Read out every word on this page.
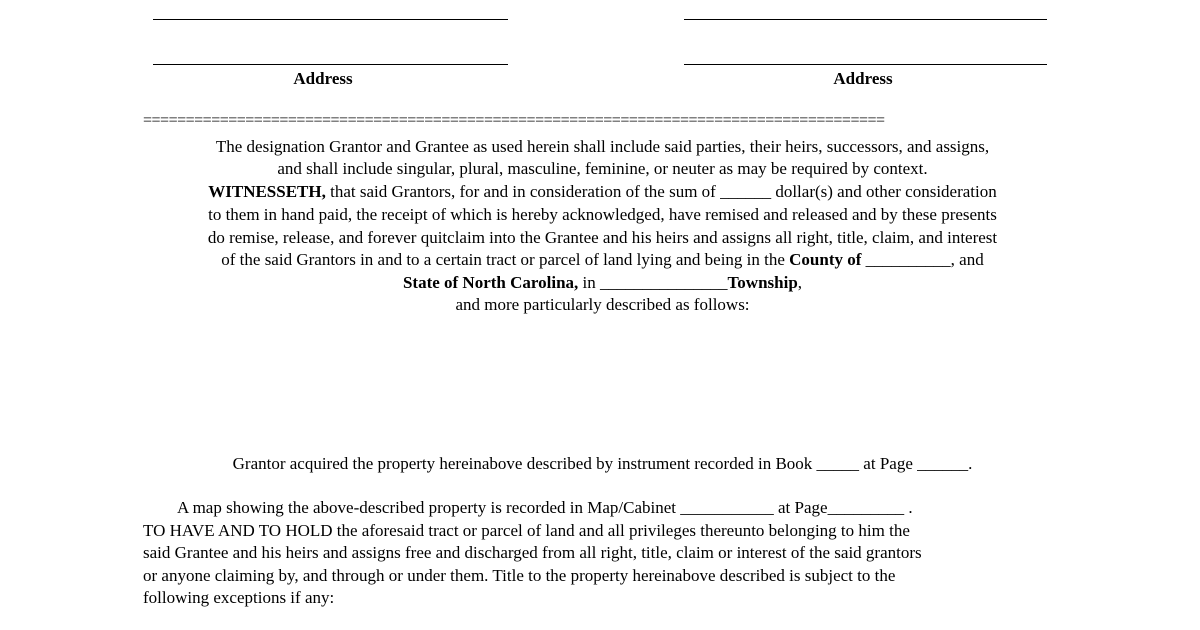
Address	Address
=======================================================================================
The designation Grantor and Grantee as used herein shall include said parties, their heirs, successors, and assigns,
and shall include singular, plural, masculine, feminine, or neuter as may be required by context.
WITNESSETH, that said Grantors, for and in consideration of the sum of ______ dollar(s) and other consideration
to them in hand paid, the receipt of which is hereby acknowledged, have remised and released and by these presents
do remise, release, and forever quitclaim into the Grantee and his heirs and assigns all right, title, claim, and interest
of the said Grantors in and to a certain tract or parcel of land lying and being in the County of __________, and
State of North Carolina, in _______________Township,
and more particularly described as follows:
Grantor acquired the property hereinabove described by instrument recorded in Book _____ at Page ______.
A map showing the above-described property is recorded in Map/Cabinet ___________ at Page_________ .
TO HAVE AND TO HOLD the aforesaid tract or parcel of land and all privileges thereunto belonging to him the
said Grantee and his heirs and assigns free and discharged from all right, title, claim or interest of the said grantors
or anyone claiming by, and through or under them. Title to the property hereinabove described is subject to the
following exceptions if any:
